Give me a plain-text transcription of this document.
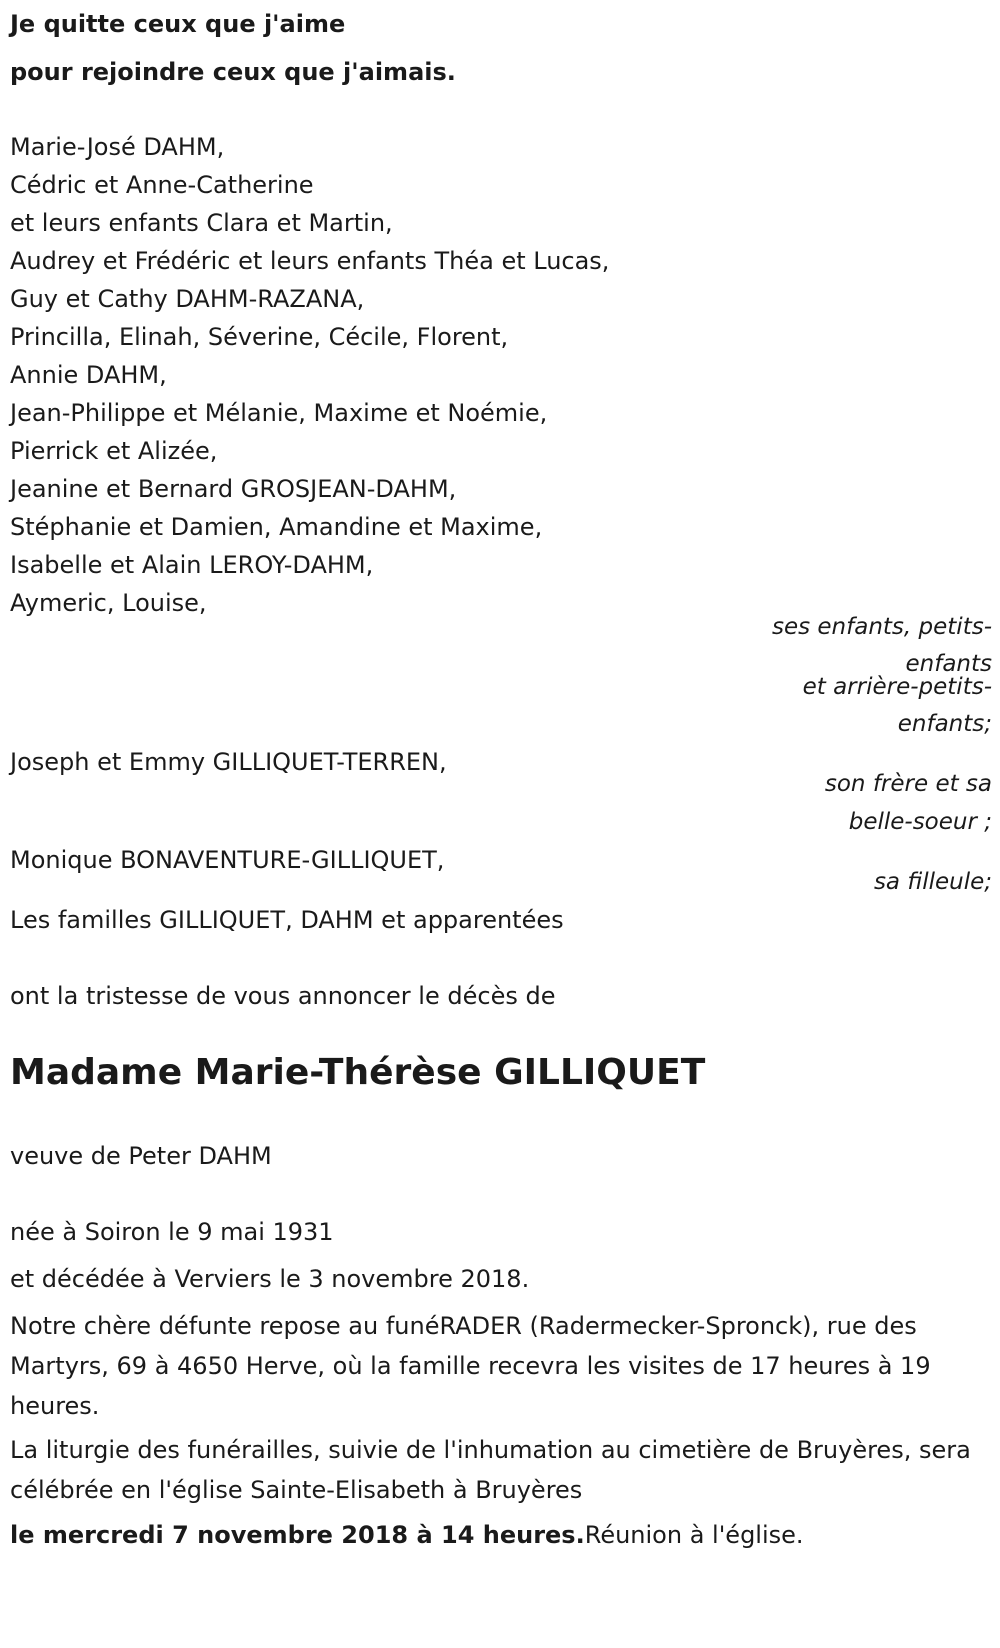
Je quitte ceux que j'aime

pour rejoindre ceux que j'aimais.

Marie-José DAHM,

Cédric et Anne-Catherine

et leurs enfants Clara et Martin,

Audrey et Frédéric et leurs enfants Théa et Lucas,

Guy et Cathy DAHM-RAZANA,

Princilla, Elinah, Séverine, Cécile, Florent,

Annie DAHM,

Jean-Philippe et Mélanie, Maxime et Noémie,

Pierrick et Alizée,

Jeanine et Bernard GROSJEAN-DAHM,

Stéphanie et Damien, Amandine et Maxime,

Isabelle et Alain LEROY-DAHM,

Aymeric, Louise,

ses enfants, petits-

enfants

et arrière-petits-

enfants;

Joseph et Emmy GILLIQUET-TERREN,

son frère et sa

belle-soeur ;

Monique BONAVENTURE-GILLIQUET,

sa filleule;

Les familles GILLIQUET, DAHM et apparentées

ont la tristesse de vous annoncer le décès de

Madame Marie-Thérèse GILLIQUET

veuve de Peter DAHM

née à Soiron le 9 mai 1931

et décédée à Verviers le 3 novembre 2018.

Notre chère défunte repose au funéRADER (Radermecker-Spronck), rue des Martyrs, 69 à 4650 Herve, où la famille recevra les visites de 17 heures à 19 heures.

La liturgie des funérailles, suivie de l'inhumation au cimetière de Bruyères, sera célébrée en l'église Sainte-Elisabeth à Bruyères

le mercredi 7 novembre 2018 à 14 heures.Réunion à l'église.
